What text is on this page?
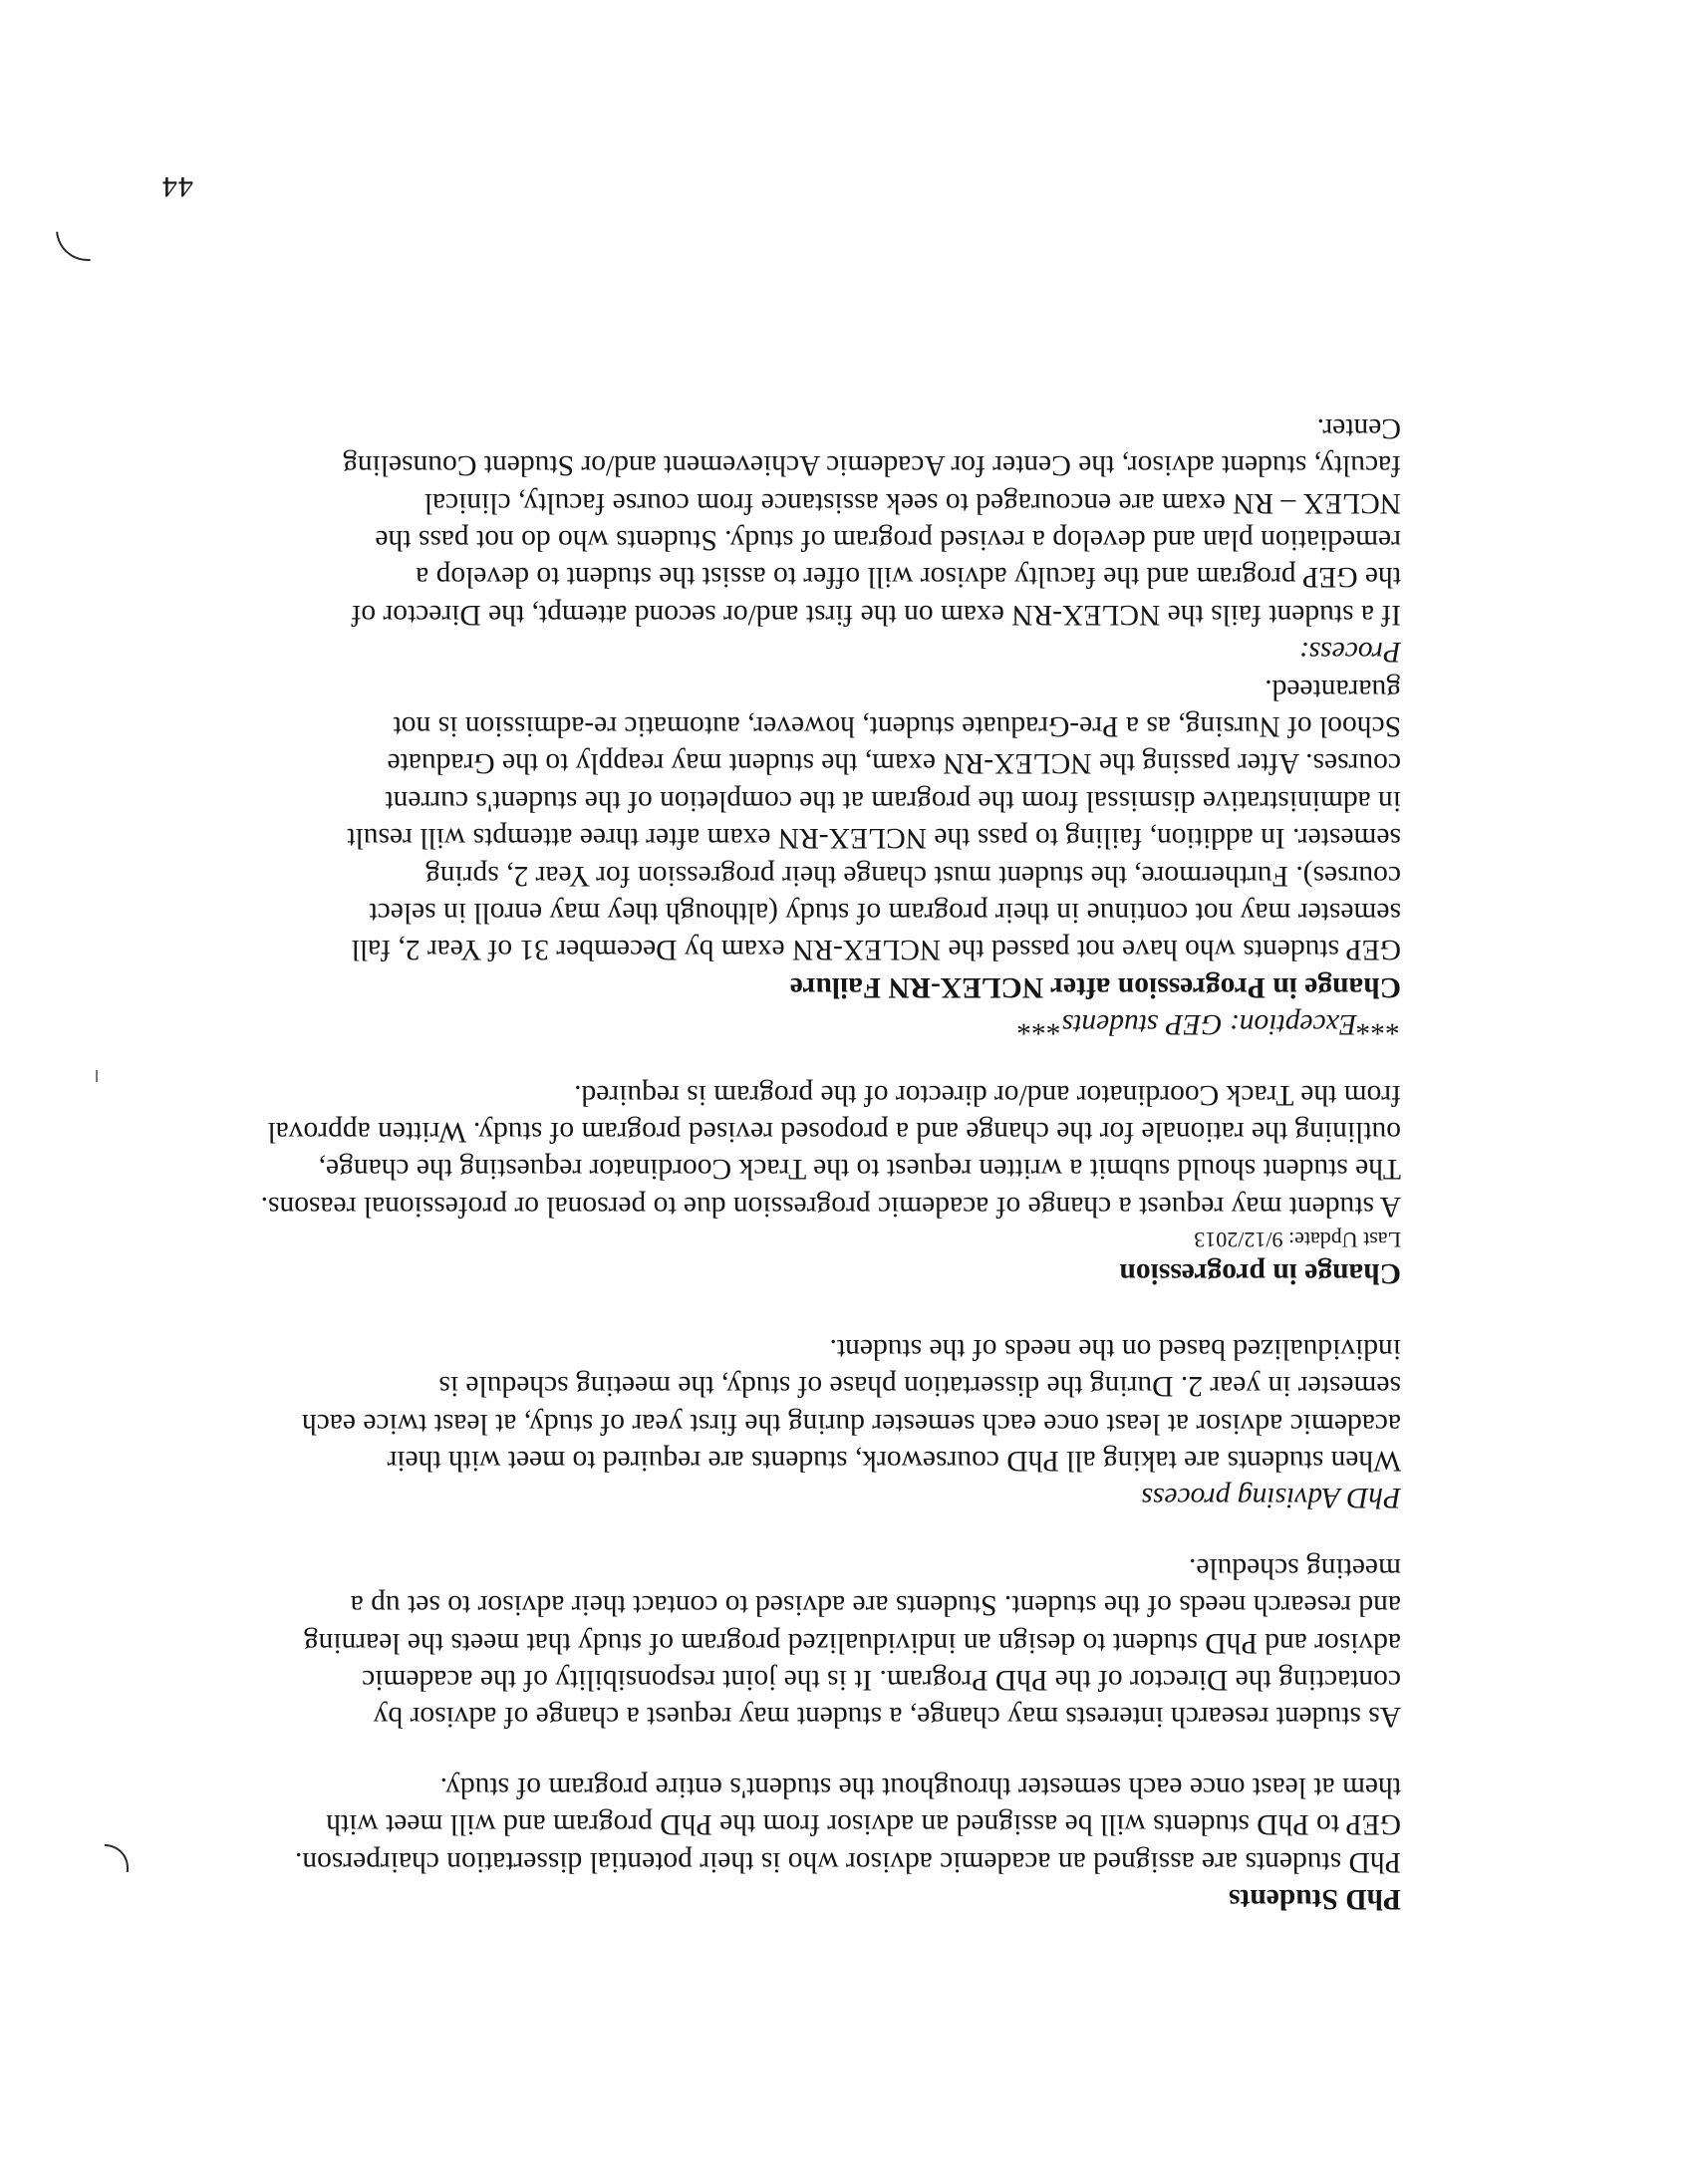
PhD Students
PhD students are assigned an academic advisor who is their potential dissertation chairperson.
GEP to PhD students will be assigned an advisor from the PhD program and will meet with
them at least once each semester throughout the student's entire program of study.
As student research interests may change, a student may request a change of advisor by
contacting the Director of the PhD Program. It is the joint responsibility of the academic
advisor and PhD student to design an individualized program of study that meets the learning
and research needs of the student. Students are advised to contact their advisor to set up a
meeting schedule.
PhD Advising process
When students are taking all PhD coursework, students are required to meet with their
academic advisor at least once each semester during the first year of study, at least twice each
semester in year 2. During the dissertation phase of study, the meeting schedule is
individualized based on the needs of the student.
Change in progression
Last Update: 9/12/2013
A student may request a change of academic progression due to personal or professional reasons.
The student should submit a written request to the Track Coordinator requesting the change,
outlining the rationale for the change and a proposed revised program of study. Written approval
from the Track Coordinator and/or director of the program is required.
***Exception: GEP students***
Change in Progression after NCLEX-RN Failure
GEP students who have not passed the NCLEX-RN exam by December 31 of Year 2, fall
semester may not continue in their program of study (although they may enroll in select
courses). Furthermore, the student must change their progression for Year 2, spring
semester. In addition, failing to pass the NCLEX-RN exam after three attempts will result
in administrative dismissal from the program at the completion of the student's current
courses. After passing the NCLEX-RN exam, the student may reapply to the Graduate
School of Nursing, as a Pre-Graduate student, however, automatic re-admission is not
guaranteed.
Process:
If a student fails the NCLEX-RN exam on the first and/or second attempt, the Director of
the GEP program and the faculty advisor will offer to assist the student to develop a
remediation plan and develop a revised program of study. Students who do not pass the
NCLEX – RN exam are encouraged to seek assistance from course faculty, clinical
faculty, student advisor, the Center for Academic Achievement and/or Student Counseling
Center.
44
